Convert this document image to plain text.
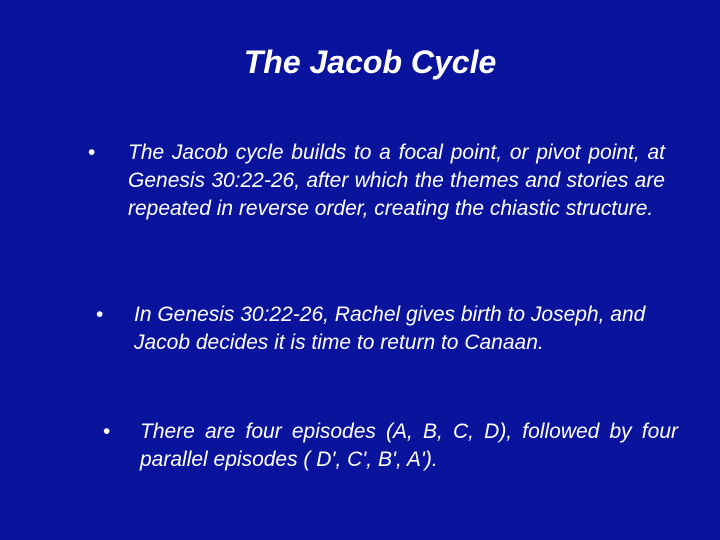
The Jacob Cycle
• The Jacob cycle builds to a focal point, or pivot point, at Genesis 30:22-26, after which the themes and stories are repeated in reverse order, creating the chiastic structure.
• In Genesis 30:22-26, Rachel gives birth to Joseph, and Jacob decides it is time to return to Canaan.
• There are four episodes (A, B, C, D), followed by four parallel episodes ( D', C', B', A').
